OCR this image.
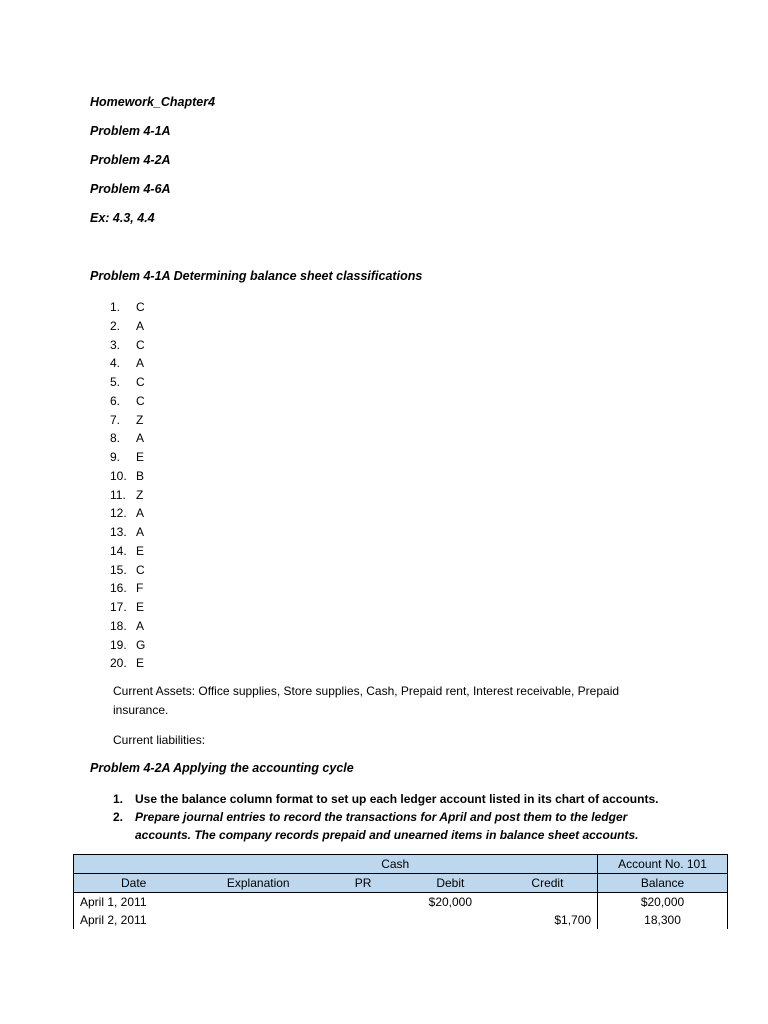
Homework_Chapter4
Problem 4-1A
Problem 4-2A
Problem 4-6A
Ex: 4.3, 4.4
Problem 4-1A Determining balance sheet classifications
1. C
2. A
3. C
4. A
5. C
6. C
7. Z
8. A
9. E
10. B
11. Z
12. A
13. A
14. E
15. C
16. F
17. E
18. A
19. G
20. E
Current Assets: Office supplies, Store supplies, Cash, Prepaid rent, Interest receivable, Prepaid insurance.
Current liabilities:
Problem 4-2A Applying the accounting cycle
1. Use the balance column format to set up each ledger account listed in its chart of accounts.
2. Prepare journal entries to record the transactions for April and post them to the ledger accounts. The company records prepaid and unearned items in balance sheet accounts.
	Cash				Account No. 101
Date	Explanation	PR	Debit	Credit	Balance
April 1, 2011			$20,000		$20,000
April 2, 2011				$1,700	18,300
